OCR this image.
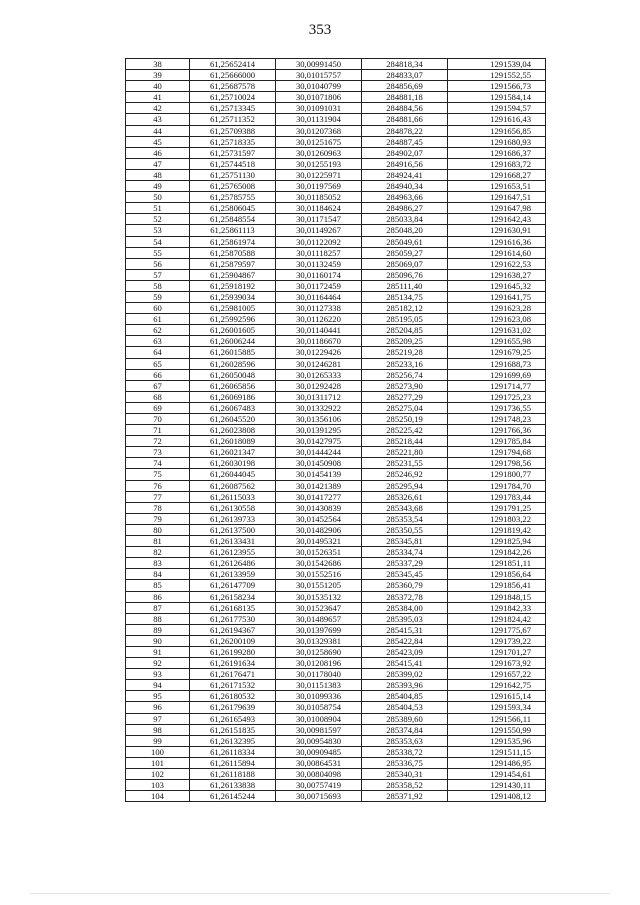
353
38	61,25652414	30,00991450	284818,34	1291539,04
39	61,25666000	30,01015757	284833,07	1291552,55
40	61,25687578	30,01040799	284856,69	1291566,73
41	61,25710024	30,01071806	284881,18	1291584,14
42	61,25713345	30,01091031	284884,56	1291594,57
43	61,25711352	30,01131904	284881,66	1291616,43
44	61,25709388	30,01207368	284878,22	1291656,85
45	61,25718335	30,01251675	284887,45	1291680,93
46	61,25731597	30,01260963	284902,07	1291686,37
47	61,25744518	30,01255193	284916,56	1291683,72
48	61,25751130	30,01225971	284924,41	1291668,27
49	61,25765008	30,01197569	284940,34	1291653,51
50	61,25785755	30,01185052	284963,66	1291647,51
51	61,25806045	30,01184624	284986,27	1291647,98
52	61,25848554	30,01171547	285033,84	1291642,43
53	61,25861113	30,01149267	285048,20	1291630,91
54	61,25861974	30,01122092	285049,61	1291616,36
55	61,25870588	30,01118257	285059,27	1291614,60
56	61,25879597	30,01132459	285069,07	1291622,53
57	61,25904867	30,01160174	285096,76	1291638,27
58	61,25918192	30,01172459	285111,40	1291645,32
59	61,25939034	30,01164464	285134,75	1291641,75
60	61,25981005	30,01127338	285182,12	1291623,28
61	61,25992596	30,01126220	285195,05	1291623,08
62	61,26001605	30,01140441	285204,85	1291631,02
63	61,26006244	30,01186670	285209,25	1291655,98
64	61,26015885	30,01229426	285219,28	1291679,25
65	61,26028596	30,01246281	285233,16	1291688,73
66	61,26050048	30,01265333	285256,74	1291699,69
67	61,26065856	30,01292428	285273,90	1291714,77
68	61,26069186	30,01311712	285277,29	1291725,23
69	61,26067483	30,01332922	285275,04	1291736,55
70	61,26045520	30,01356106	285250,19	1291748,23
71	61,26023808	30,01391295	285225,42	1291766,36
72	61,26018089	30,01427975	285218,44	1291785,84
73	61,26021347	30,01444244	285221,80	1291794,68
74	61,26030198	30,01450908	285231,55	1291798,56
75	61,26044045	30,01454139	285246,92	1291800,77
76	61,26087562	30,01421389	285295,94	1291784,70
77	61,26115033	30,01417277	285326,61	1291783,44
78	61,26130558	30,01430839	285343,68	1291791,25
79	61,26139733	30,01452564	285353,54	1291803,22
80	61,26137500	30,01482906	285350,55	1291819,42
81	61,26133431	30,01495321	285345,81	1291825,94
82	61,26123955	30,01526351	285334,74	1291842,26
83	61,26126486	30,01542686	285337,29	1291851,11
84	61,26133959	30,01552516	285345,45	1291856,64
85	61,26147709	30,01551205	285360,79	1291856,41
86	61,26158234	30,01535132	285372,78	1291848,15
87	61,26168135	30,01523647	285384,00	1291842,33
88	61,26177530	30,01489657	285395,03	1291824,42
89	61,26194367	30,01397699	285415,31	1291775,67
90	61,26200109	30,01329381	285422,84	1291739,22
91	61,26199280	30,01258690	285423,09	1291701,27
92	61,26191634	30,01208196	285415,41	1291673,92
93	61,26176471	30,01178040	285399,02	1291657,22
94	61,26171532	30,01151383	285393,96	1291642,75
95	61,26180532	30,01099336	285404,85	1291615,14
96	61,26179639	30,01058754	285404,53	1291593,34
97	61,26165493	30,01008904	285389,60	1291566,11
98	61,26151835	30,00981597	285374,84	1291550,99
99	61,26132395	30,00954830	285353,63	1291535,96
100	61,26118334	30,00909485	285338,72	1291511,15
101	61,26115894	30,00864531	285336,75	1291486,95
102	61,26118188	30,00804098	285340,31	1291454,61
103	61,26133838	30,00757419	285358,52	1291430,11
104	61,26145244	30,00715693	285371,92	1291408,12
